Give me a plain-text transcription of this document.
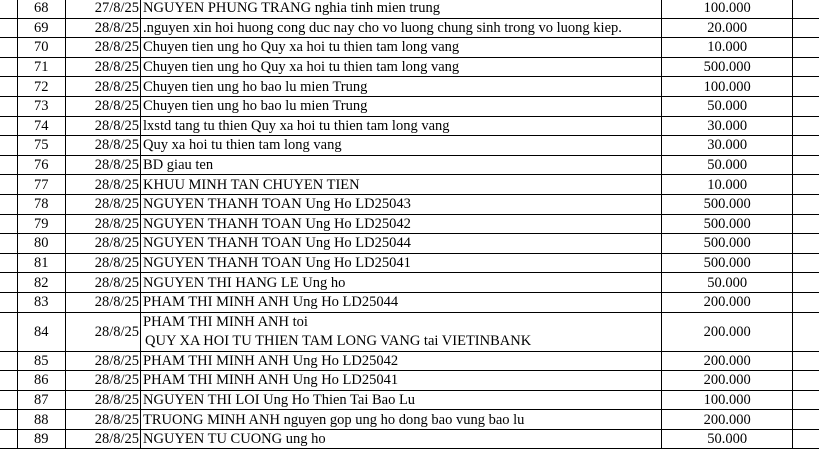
	68	27/8/25	NGUYEN PHUNG TRANG nghia tinh mien trung	100.000	
	69	28/8/25	.nguyen xin hoi huong cong duc nay cho vo luong chung sinh trong vo luong kiep.	20.000	
	70	28/8/25	Chuyen tien ung ho Quy xa hoi tu thien tam long vang	10.000	
	71	28/8/25	Chuyen tien ung ho Quy xa hoi tu thien tam long vang	500.000	
	72	28/8/25	Chuyen tien ung ho bao lu mien Trung	100.000	
	73	28/8/25	Chuyen tien ung ho bao lu mien Trung	50.000	
	74	28/8/25	lxstd tang tu thien Quy xa hoi tu thien tam long vang	30.000	
	75	28/8/25	Quy xa hoi tu thien tam long vang	30.000	
	76	28/8/25	BD giau ten	50.000	
	77	28/8/25	KHUU MINH TAN CHUYEN TIEN	10.000	
	78	28/8/25	NGUYEN THANH TOAN Ung Ho LD25043	500.000	
	79	28/8/25	NGUYEN THANH TOAN Ung Ho LD25042	500.000	
	80	28/8/25	NGUYEN THANH TOAN Ung Ho LD25044	500.000	
	81	28/8/25	NGUYEN THANH TOAN Ung Ho LD25041	500.000	
	82	28/8/25	NGUYEN THI HANG LE Ung ho	50.000	
	83	28/8/25	PHAM THI MINH ANH Ung Ho LD25044	200.000	
	84	28/8/25	PHAM THI MINH ANH toi
QUY XA HOI TU THIEN TAM LONG VANG tai VIETINBANK	200.000	
	85	28/8/25	PHAM THI MINH ANH Ung Ho LD25042	200.000	
	86	28/8/25	PHAM THI MINH ANH Ung Ho LD25041	200.000	
	87	28/8/25	NGUYEN THI LOI Ung Ho Thien Tai Bao Lu	100.000	
	88	28/8/25	TRUONG MINH ANH nguyen gop ung ho dong bao vung bao lu	200.000	
	89	28/8/25	NGUYEN TU CUONG ung ho	50.000	
